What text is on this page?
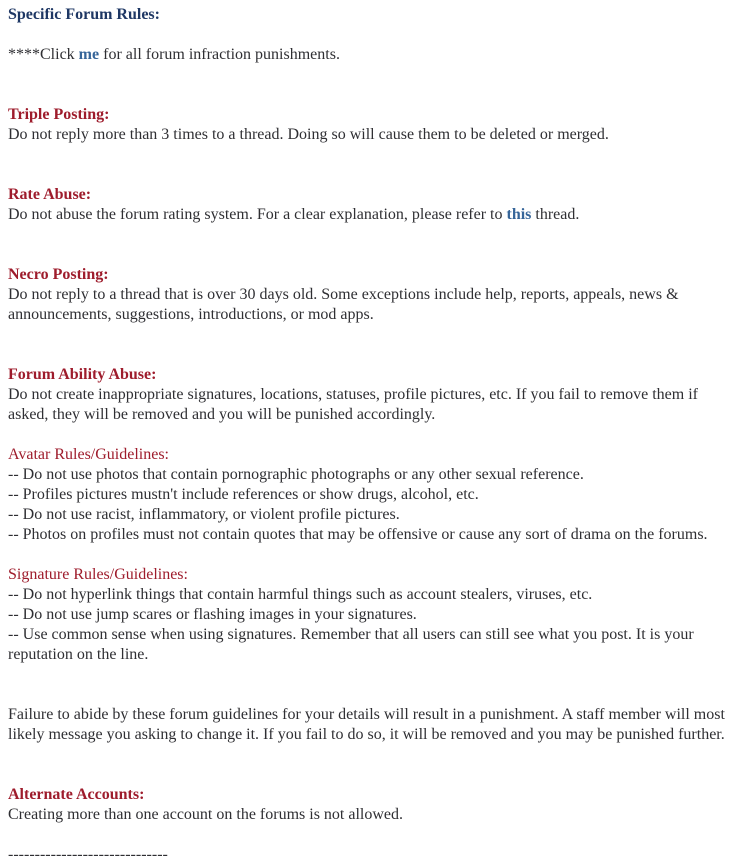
Specific Forum Rules:

****Click me for all forum infraction punishments.

Triple Posting:

Do not reply more than 3 times to a thread. Doing so will cause them to be deleted or merged.

Rate Abuse:

Do not abuse the forum rating system. For a clear explanation, please refer to this thread.

Necro Posting:

Do not reply to a thread that is over 30 days old. Some exceptions include help, reports, appeals, news & announcements, suggestions, introductions, or mod apps.

Forum Ability Abuse:

Do not create inappropriate signatures, locations, statuses, profile pictures, etc. If you fail to remove them if asked, they will be removed and you will be punished accordingly.

Avatar Rules/Guidelines:

-- Do not use photos that contain pornographic photographs or any other sexual reference.

-- Profiles pictures mustn't include references or show drugs, alcohol, etc.

-- Do not use racist, inflammatory, or violent profile pictures.

-- Photos on profiles must not contain quotes that may be offensive or cause any sort of drama on the forums.

Signature Rules/Guidelines:

-- Do not hyperlink things that contain harmful things such as account stealers, viruses, etc.

-- Do not use jump scares or flashing images in your signatures.

-- Use common sense when using signatures. Remember that all users can still see what you post. It is your reputation on the line.

Failure to abide by these forum guidelines for your details will result in a punishment. A staff member will most likely message you asking to change it. If you fail to do so, it will be removed and you may be punished further.

Alternate Accounts:

Creating more than one account on the forums is not allowed.

------------------------------
